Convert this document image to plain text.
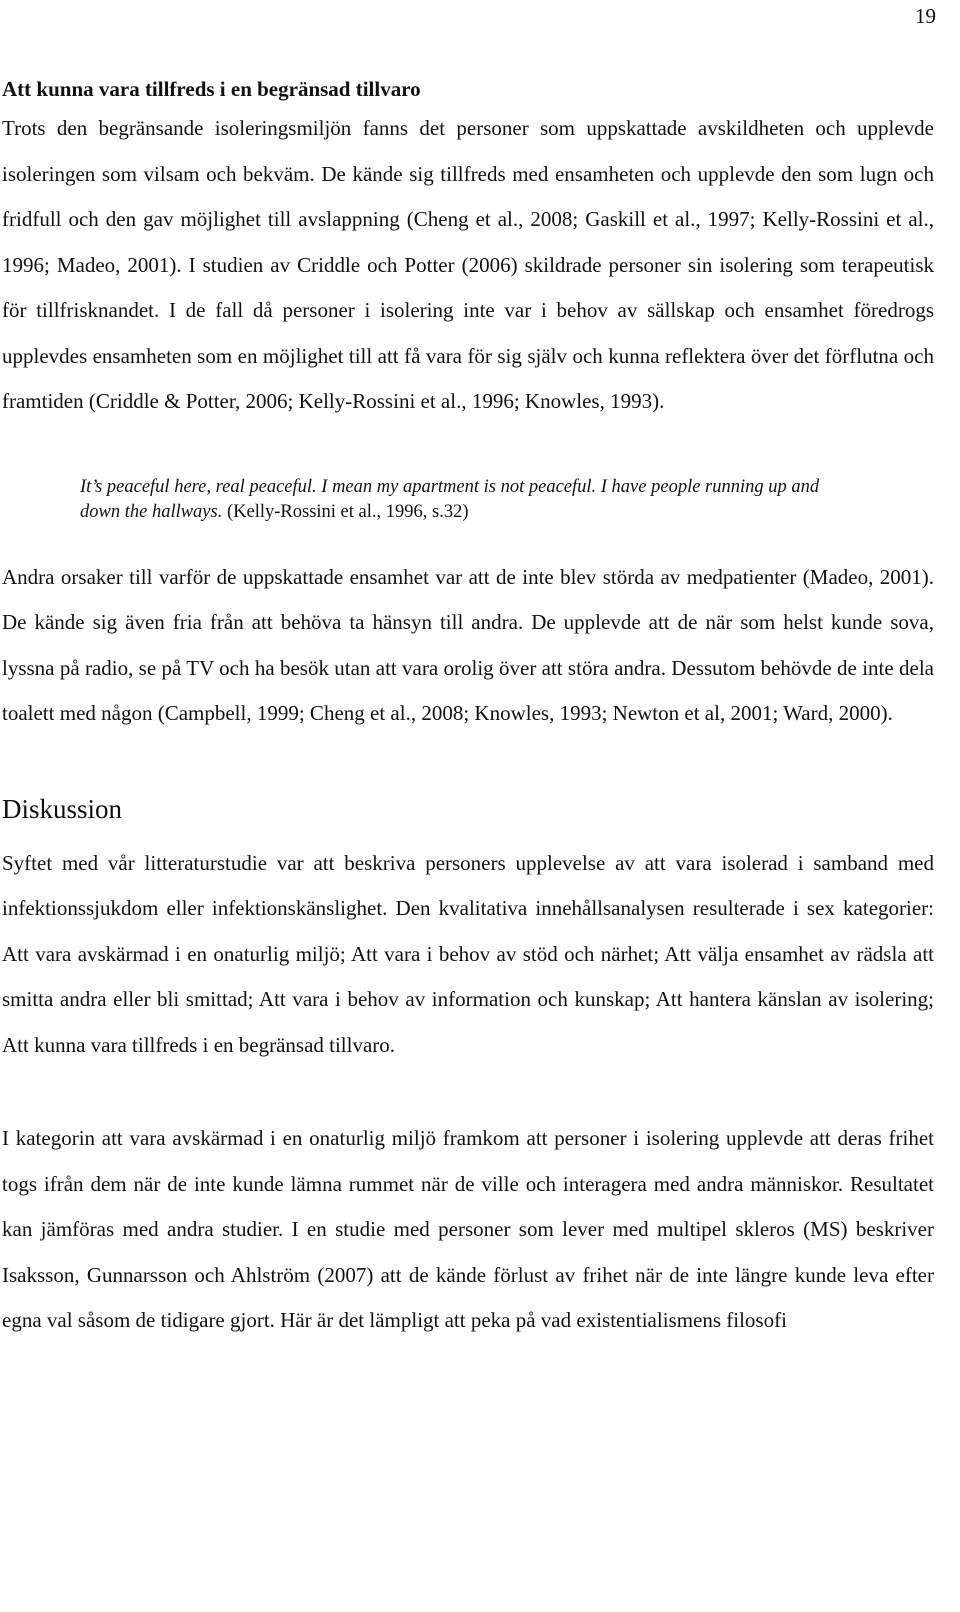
19
Att kunna vara tillfreds i en begränsad tillvaro

Trots den begränsande isoleringsmiljön fanns det personer som uppskattade avskildheten och upplevde isoleringen som vilsam och bekväm. De kände sig tillfreds med ensamheten och upplevde den som lugn och fridfull och den gav möjlighet till avslappning (Cheng et al., 2008; Gaskill et al., 1997; Kelly-Rossini et al., 1996; Madeo, 2001). I studien av Criddle och Potter (2006) skildrade personer sin isolering som terapeutisk för tillfrisknandet. I de fall då personer i isolering inte var i behov av sällskap och ensamhet föredrogs upplevdes ensamheten som en möjlighet till att få vara för sig själv och kunna reflektera över det förflutna och framtiden (Criddle & Potter, 2006; Kelly-Rossini et al., 1996; Knowles, 1993).

It’s peaceful here, real peaceful. I mean my apartment is not peaceful. I have people running up and down the hallways. (Kelly-Rossini et al., 1996, s.32)

Andra orsaker till varför de uppskattade ensamhet var att de inte blev störda av medpatienter (Madeo, 2001). De kände sig även fria från att behöva ta hänsyn till andra. De upplevde att de när som helst kunde sova, lyssna på radio, se på TV och ha besök utan att vara orolig över att störa andra. Dessutom behövde de inte dela toalett med någon (Campbell, 1999; Cheng et al., 2008; Knowles, 1993; Newton et al, 2001; Ward, 2000).

Diskussion

Syftet med vår litteraturstudie var att beskriva personers upplevelse av att vara isolerad i samband med infektionssjukdom eller infektionskänslighet. Den kvalitativa innehållsanalysen resulterade i sex kategorier: Att vara avskärmad i en onaturlig miljö; Att vara i behov av stöd och närhet; Att välja ensamhet av rädsla att smitta andra eller bli smittad; Att vara i behov av information och kunskap; Att hantera känslan av isolering; Att kunna vara tillfreds i en begränsad tillvaro.

I kategorin att vara avskärmad i en onaturlig miljö framkom att personer i isolering upplevde att deras frihet togs ifrån dem när de inte kunde lämna rummet när de ville och interagera med andra människor. Resultatet kan jämföras med andra studier. I en studie med personer som lever med multipel skleros (MS) beskriver Isaksson, Gunnarsson och Ahlström (2007) att de kände förlust av frihet när de inte längre kunde leva efter egna val såsom de tidigare gjort. Här är det lämpligt att peka på vad existentialismens filosofi
